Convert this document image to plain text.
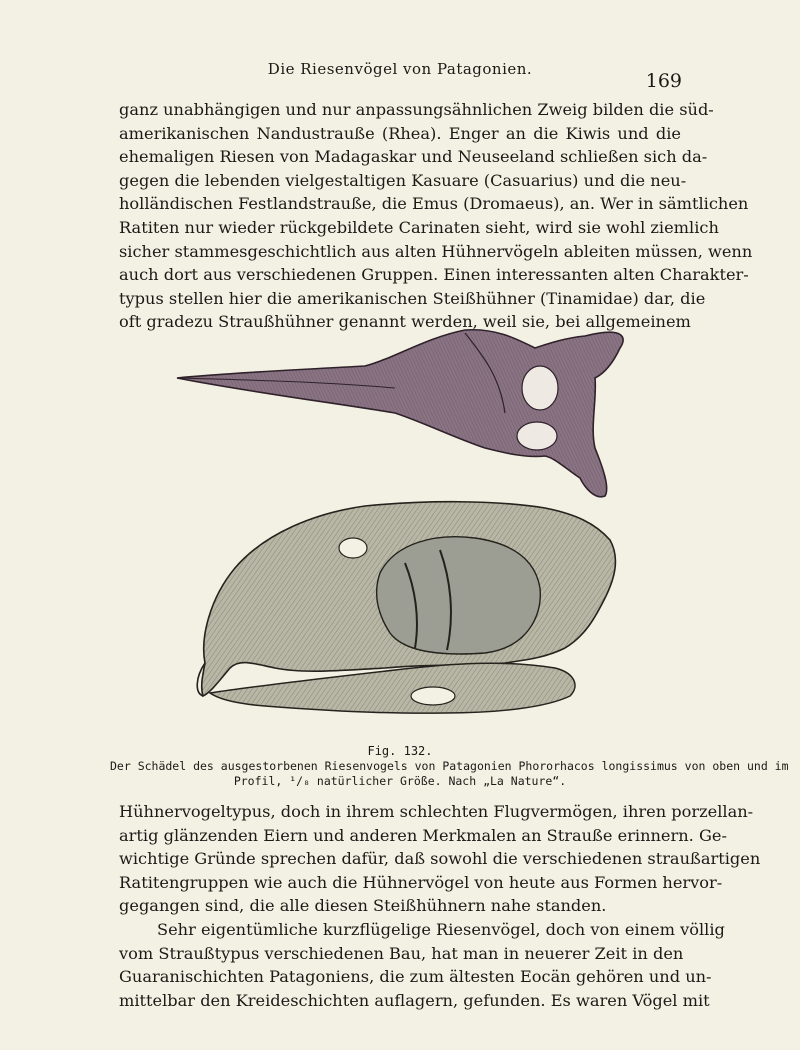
Die Riesenvögel von Patagonien.
169
ganz unabhängigen und nur anpassungsähnlichen Zweig bilden die süd-
amerikanischen Nandustrauße (Rhea). Enger an die Kiwis und die
ehemaligen Riesen von Madagaskar und Neuseeland schließen sich da-
gegen die lebenden vielgestaltigen Kasuare (Casuarius) und die neu-
holländischen Festlandstrauße, die Emus (Dromaeus), an. Wer in sämtlichen
Ratiten nur wieder rückgebildete Carinaten sieht, wird sie wohl ziemlich
sicher stammesgeschichtlich aus alten Hühnervögeln ableiten müssen, wenn
auch dort aus verschiedenen Gruppen. Einen interessanten alten Charakter-
typus stellen hier die amerikanischen Steißhühner (Tinamidae) dar, die
oft gradezu Straußhühner genannt werden, weil sie, bei allgemeinem
Fig. 132.
Der Schädel des ausgestorbenen Riesenvogels von Patagonien Phororhacos longissimus von oben und im
Profil, ¹/₈ natürlicher Größe. Nach „La Nature“.
Hühnervogeltypus, doch in ihrem schlechten Flugvermögen, ihren porzellan-
artig glänzenden Eiern und anderen Merkmalen an Strauße erinnern. Ge-
wichtige Gründe sprechen dafür, daß sowohl die verschiedenen straußartigen
Ratitengruppen wie auch die Hühnervögel von heute aus Formen hervor-
gegangen sind, die alle diesen Steißhühnern nahe standen.
Sehr eigentümliche kurzflügelige Riesenvögel, doch von einem völlig
vom Straußtypus verschiedenen Bau, hat man in neuerer Zeit in den
Guaranischichten Patagoniens, die zum ältesten Eocän gehören und un-
mittelbar den Kreideschichten auflagern, gefunden. Es waren Vögel mit
